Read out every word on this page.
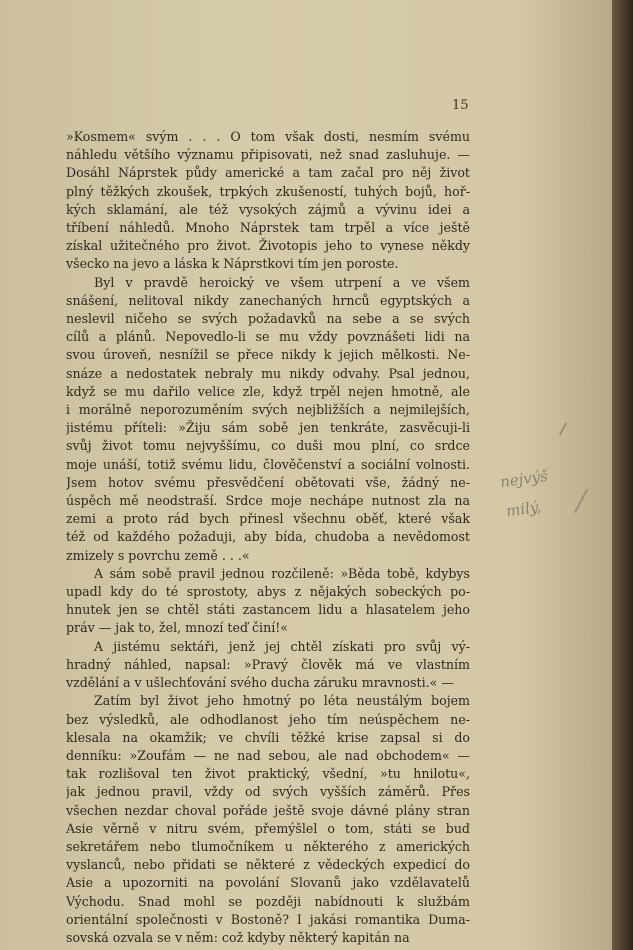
15
»Kosmem« svým . . . O tom však dosti, nesmím svému
náhledu většího významu připisovati, než snad zasluhuje. —
Dosáhl Náprstek půdy americké a tam začal pro něj život
plný těžkých zkoušek, trpkých zkušeností, tuhých bojů, hoř-
kých sklamání, ale též vysokých zájmů a vývinu idei a
tříbení náhledů. Mnoho Náprstek tam trpěl a více ještě
získal užitečného pro život. Životopis jeho to vynese někdy
všecko na jevo a láska k Náprstkovi tím jen poroste.
Byl v pravdě heroický ve všem utrpení a ve všem
snášení, nelitoval nikdy zanechaných hrnců egyptských a
neslevil ničeho se svých požadavků na sebe a se svých
cílů a plánů. Nepovedlo-li se mu vždy povznášeti lidi na
svou úroveň, nesnížil se přece nikdy k jejich mělkosti. Ne-
snáze a nedostatek nebraly mu nikdy odvahy. Psal jednou,
když se mu dařilo velice zle, když trpěl nejen hmotně, ale
i morálně neporozuměním svých nejbližších a nejmilejších,
jistému příteli: »Žiju sám sobě jen tenkráte, zasvěcuji-li
svůj život tomu nejvyššímu, co duši mou plní, co srdce
moje unáší, totiž svému lidu, člověčenství a sociální volnosti.
Jsem hotov svému přesvědčení obětovati vše, žádný ne-
úspěch mě neodstraší. Srdce moje nechápe nutnost zla na
zemi a proto rád bych přinesl všechnu oběť, které však
též od každého požaduji, aby bída, chudoba a nevědomost
zmizely s povrchu země . . .«
A sám sobě pravil jednou rozčileně: »Běda tobě, kdybys
upadl kdy do té sprostoty, abys z nějakých sobeckých po-
hnutek jen se chtěl státi zastancem lidu a hlasatelem jeho
práv — jak to, žel, mnozí teď činí!«
A jistému sektáři, jenž jej chtěl získati pro svůj vý-
hradný náhled, napsal: »Pravý člověk má ve vlastním
vzdělání a v ušlechťování svého ducha záruku mravnosti.« —
Zatím byl život jeho hmotný po léta neustálým bojem
bez výsledků, ale odhodlanost jeho tím neúspěchem ne-
klesala na okamžik; ve chvíli těžké krise zapsal si do
denníku: »Zoufám — ne nad sebou, ale nad obchodem« —
tak rozlišoval ten život praktický, všední, »tu hnilotu«,
jak jednou pravil, vždy od svých vyšších záměrů. Přes
všechen nezdar choval pořáde ještě svoje dávné plány stran
Asie věrně v nitru svém, přemýšlel o tom, státi se buď
sekretářem nebo tlumočníkem u některého z amerických
vyslanců, nebo přidati se některé z vědeckých expedicí do
Asie a upozorniti na povolání Slovanů jako vzdělavatelů
Východu. Snad mohl se později nabídnouti k službám
orientální společnosti v Bostoně? I jakási romantika Duma-
sovská ozvala se v něm: což kdyby některý kapitán na
nejvýš
milý,
